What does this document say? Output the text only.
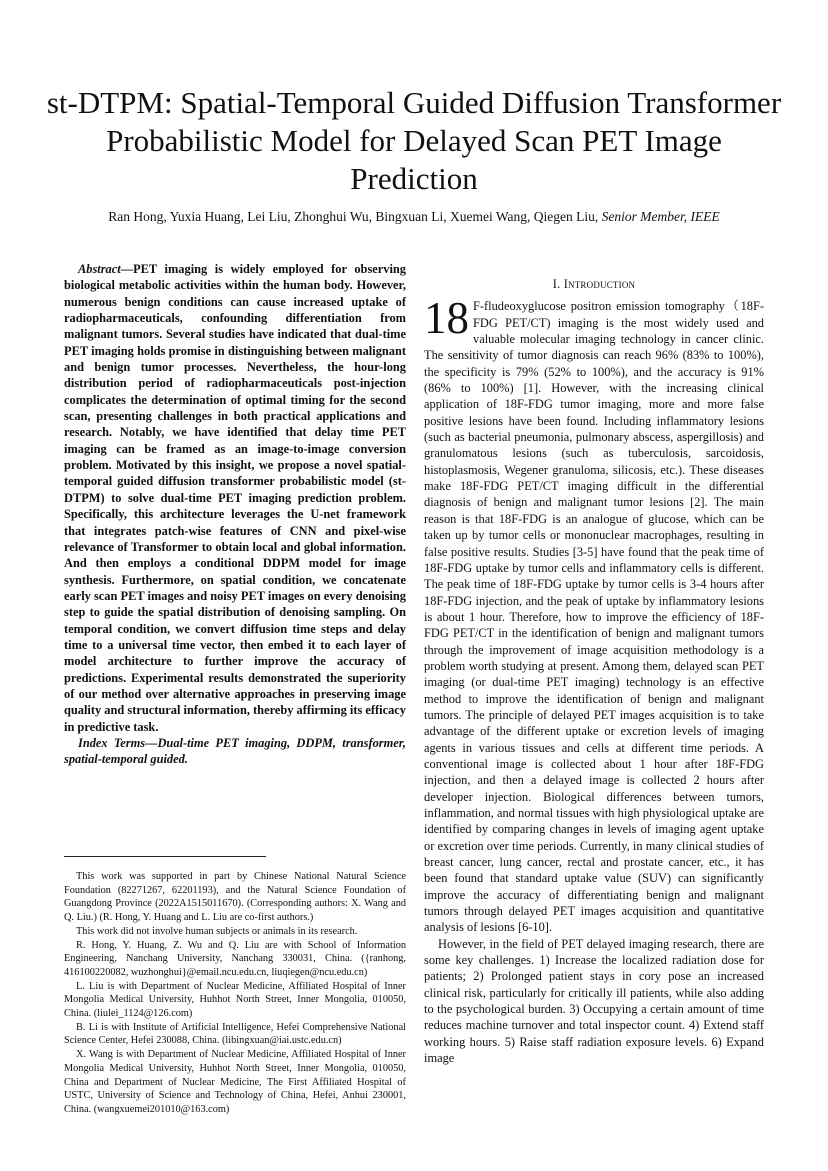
st-DTPM: Spatial-Temporal Guided Diffusion Transformer Probabilistic Model for Delayed Scan PET Image Prediction
Ran Hong, Yuxia Huang, Lei Liu, Zhonghui Wu, Bingxuan Li, Xuemei Wang, Qiegen Liu, Senior Member, IEEE

Abstract—PET imaging is widely employed for observing biological metabolic activities within the human body. However, numerous benign conditions can cause increased uptake of radiopharmaceuticals, confounding differentiation from malignant tumors. Several studies have indicated that dual-time PET imaging holds promise in distinguishing between malignant and benign tumor processes. Nevertheless, the hour-long distribution period of radiopharmaceuticals post-injection complicates the determination of optimal timing for the second scan, presenting challenges in both practical applications and research. Notably, we have identified that delay time PET imaging can be framed as an image-to-image conversion problem. Motivated by this insight, we propose a novel spatial-temporal guided diffusion transformer probabilistic model (st-DTPM) to solve dual-time PET imaging prediction problem. Specifically, this architecture leverages the U-net framework that integrates patch-wise features of CNN and pixel-wise relevance of Transformer to obtain local and global information. And then employs a conditional DDPM model for image synthesis. Furthermore, on spatial condition, we concatenate early scan PET images and noisy PET images on every denoising step to guide the spatial distribution of denoising sampling. On temporal condition, we convert diffusion time steps and delay time to a universal time vector, then embed it to each layer of model architecture to further improve the accuracy of predictions. Experimental results demonstrated the superiority of our method over alternative approaches in preserving image quality and structural information, thereby affirming its efficacy in predictive task.

Index Terms—Dual-time PET imaging, DDPM, transformer, spatial-temporal guided.

This work was supported in part by Chinese National Natural Science Foundation (82271267, 62201193), and the Natural Science Foundation of Guangdong Province (2022A1515011670). (Corresponding authors: X. Wang and Q. Liu.) (R. Hong, Y. Huang and L. Liu are co-first authors.)

This work did not involve human subjects or animals in its research.

R. Hong, Y. Huang, Z. Wu and Q. Liu are with School of Information Engineering, Nanchang University, Nanchang 330031, China. ({ranhong, 416100220082, wuzhonghui}@email.ncu.edu.cn, liuqiegen@ncu.edu.cn)

L. Liu is with Department of Nuclear Medicine, Affiliated Hospital of Inner Mongolia Medical University, Huhhot North Street, Inner Mongolia, 010050, China. (liulei_1124@126.com)

B. Li is with Institute of Artificial Intelligence, Hefei Comprehensive National Science Center, Hefei 230088, China. (libingxuan@iai.ustc.edu.cn)

X. Wang is with Department of Nuclear Medicine, Affiliated Hospital of Inner Mongolia Medical University, Huhhot North Street, Inner Mongolia, 010050, China and Department of Nuclear Medicine, The First Affiliated Hospital of USTC, University of Science and Technology of China, Hefei, Anhui 230001, China. (wangxuemei201010@163.com)

I. Introduction

18 F-fludeoxyglucose positron emission tomography（18F-FDG PET/CT) imaging is the most widely used and valuable molecular imaging technology in cancer clinic. The sensitivity of tumor diagnosis can reach 96% (83% to 100%), the specificity is 79% (52% to 100%), and the accuracy is 91% (86% to 100%) [1]. However, with the increasing clinical application of 18F-FDG tumor imaging, more and more false positive lesions have been found. Including inflammatory lesions (such as bacterial pneumonia, pulmonary abscess, aspergillosis) and granulomatous lesions (such as tuberculosis, sarcoidosis, histoplasmosis, Wegener granuloma, silicosis, etc.). These diseases make 18F-FDG PET/CT imaging difficult in the differential diagnosis of benign and malignant tumor lesions [2]. The main reason is that 18F-FDG is an analogue of glucose, which can be taken up by tumor cells or mononuclear macrophages, resulting in false positive results. Studies [3-5] have found that the peak time of 18F-FDG uptake by tumor cells and inflammatory cells is different. The peak time of 18F-FDG uptake by tumor cells is 3-4 hours after 18F-FDG injection, and the peak of uptake by inflammatory lesions is about 1 hour. Therefore, how to improve the efficiency of 18F-FDG PET/CT in the identification of benign and malignant tumors through the improvement of image acquisition methodology is a problem worth studying at present. Among them, delayed scan PET imaging (or dual-time PET imaging) technology is an effective method to improve the identification of benign and malignant tumors. The principle of delayed PET images acquisition is to take advantage of the different uptake or excretion levels of imaging agents in various tissues and cells at different time periods. A conventional image is collected about 1 hour after 18F-FDG injection, and then a delayed image is collected 2 hours after developer injection. Biological differences between tumors, inflammation, and normal tissues with high physiological uptake are identified by comparing changes in levels of imaging agent uptake or excretion over time periods. Currently, in many clinical studies of breast cancer, lung cancer, rectal and prostate cancer, etc., it has been found that standard uptake value (SUV) can significantly improve the accuracy of differentiating benign and malignant tumors through delayed PET images acquisition and quantitative analysis of lesions [6-10].

However, in the field of PET delayed imaging research, there are some key challenges. 1) Increase the localized radiation dose for patients; 2) Prolonged patient stays in cory pose an increased clinical risk, particularly for critically ill patients, while also adding to the psychological burden. 3) Occupying a certain amount of time reduces machine turnover and total inspector count. 4) Extend staff working hours. 5) Raise staff radiation exposure levels. 6) Expand image
